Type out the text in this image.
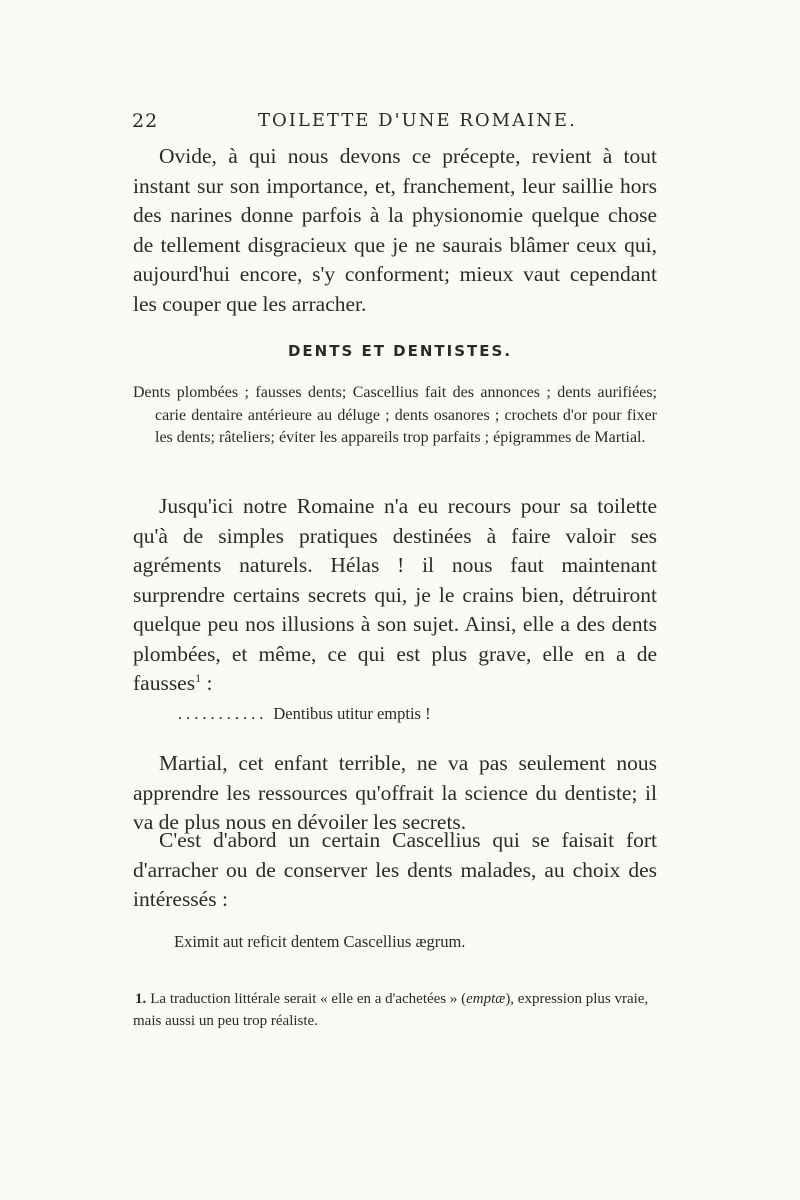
22	TOILETTE D'UNE ROMAINE.

Ovide, à qui nous devons ce précepte, revient à tout instant sur son importance, et, franchement, leur saillie hors des narines donne parfois à la physionomie quelque chose de tellement disgracieux que je ne saurais blâmer ceux qui, aujourd'hui encore, s'y conforment; mieux vaut cependant les couper que les arracher.

DENTS ET DENTISTES.

Dents plombées ; fausses dents; Cascellius fait des annonces ; dents aurifiées; carie dentaire antérieure au déluge ; dents osanores ; crochets d'or pour fixer les dents; râteliers; éviter les appareils trop parfaits ; épigrammes de Martial.

Jusqu'ici notre Romaine n'a eu recours pour sa toilette qu'à de simples pratiques destinées à faire valoir ses agréments naturels. Hélas ! il nous faut maintenant surprendre certains secrets qui, je le crains bien, détruiront quelque peu nos illusions à son sujet. Ainsi, elle a des dents plombées, et même, ce qui est plus grave, elle en a de fausses$^1$ :

........... Dentibus utitur emptis !

Martial, cet enfant terrible, ne va pas seulement nous apprendre les ressources qu'offrait la science du dentiste; il va de plus nous en dévoiler les secrets.

C'est d'abord un certain Cascellius qui se faisait fort d'arracher ou de conserver les dents malades, au choix des intéressés :

Eximit aut reficit dentem Cascellius ægrum.

1. La traduction littérale serait « elle en a d'achetées » (emptæ), expression plus vraie, mais aussi un peu trop réaliste.
